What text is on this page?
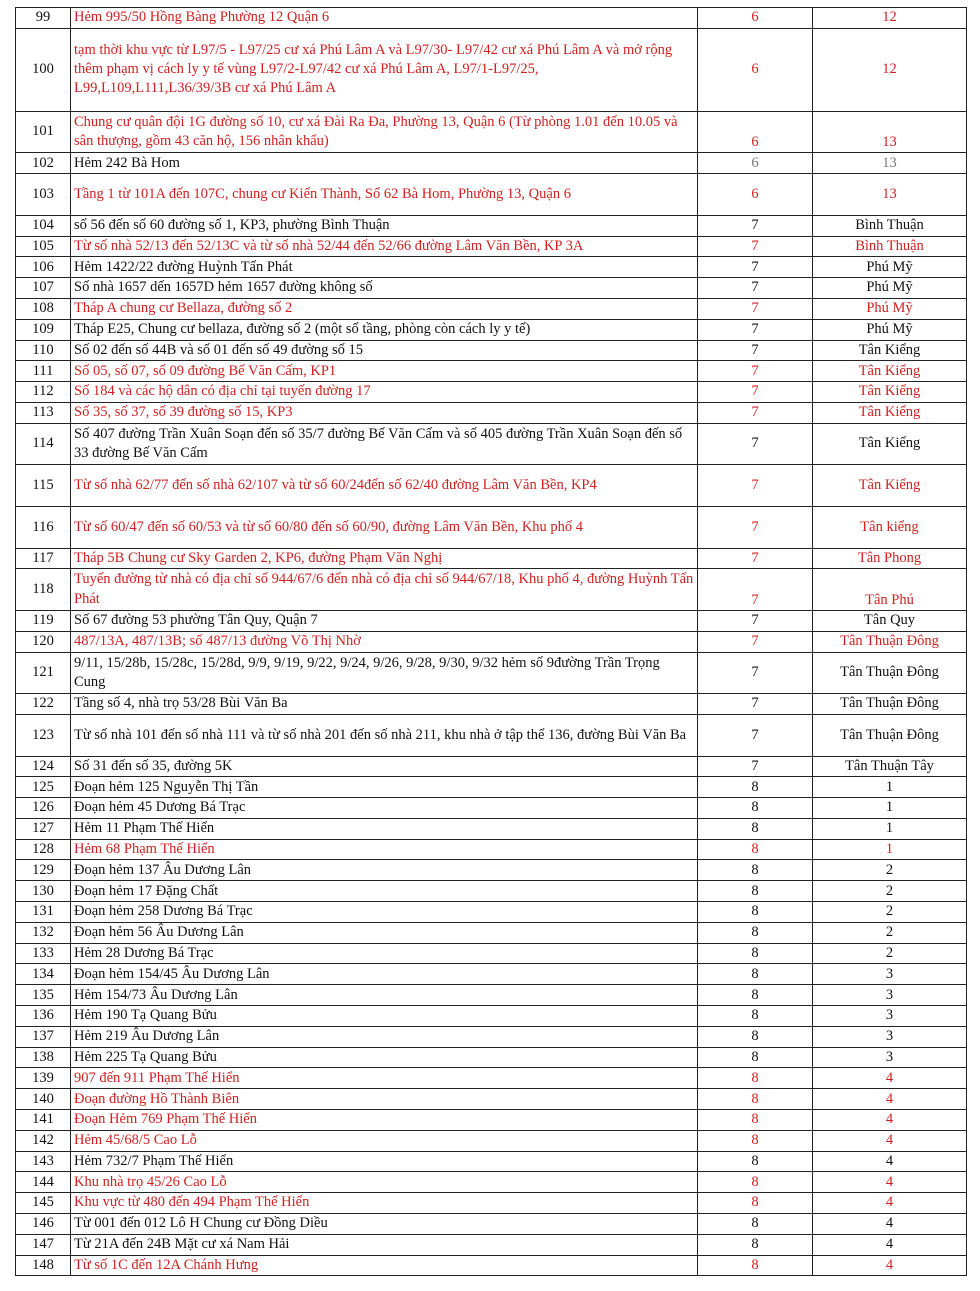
99	Hẻm 995/50 Hồng Bàng Phường 12 Quận 6	6	12
100	tạm thời khu vực từ L97/5 - L97/25 cư xá Phú Lâm A và L97/30- L97/42 cư xá Phú Lâm A và mở rộng thêm phạm vị cách ly y tế vùng L97/2-L97/42 cư xá Phú Lâm A, L97/1-L97/25, L99,L109,L111,L36/39/3B cư xá Phú Lâm A	6	12
101	Chung cư quân đội 1G đường số 10, cư xá Đài Ra Đa, Phường 13, Quận 6 (Từ phòng 1.01 đến 10.05 và sân thượng, gồm 43 căn hộ, 156 nhân khẩu)	6	13
102	Hẻm 242 Bà Hom	6	13
103	Tầng 1 từ 101A đến 107C, chung cư Kiến Thành, Số 62 Bà Hom, Phường 13, Quận 6	6	13
104	số 56 đến số 60 đường số 1, KP3, phường Bình Thuận	7	Bình Thuận
105	Từ số nhà 52/13 đến 52/13C và từ số nhà 52/44 đến 52/66 đường Lâm Văn Bền, KP 3A	7	Bình Thuận
106	Hẻm 1422/22 đường Huỳnh Tấn Phát	7	Phú Mỹ
107	Số nhà 1657 dến 1657D hẻm 1657 đường không số	7	Phú Mỹ
108	Tháp A chung cư Bellaza, đường số 2	7	Phú Mỹ
109	Tháp E25, Chung cư bellaza, đường số 2 (một số tầng, phòng còn cách ly y tế)	7	Phú Mỹ
110	Số 02 đến số 44B và số 01 đến số 49 đường số 15	7	Tân Kiểng
111	Số 05, số 07, số 09 đường Bế Văn Cấm, KP1	7	Tân Kiểng
112	Số 184 và các hộ dân có địa chỉ tại tuyến đường 17	7	Tân Kiểng
113	Số 35, số 37, số 39 đường số 15, KP3	7	Tân Kiểng
114	Số 407 đường Trần Xuân Soạn đến số 35/7 đường Bế Văn Cấm và số 405 đường Trần Xuân Soạn đến số 33 đường Bế Văn Cấm	7	Tân Kiểng
115	Từ số nhà 62/77 đến số nhà 62/107 và từ số 60/24đến số 62/40 đường Lâm Văn Bền, KP4	7	Tân Kiểng
116	Từ số 60/47 đến số 60/53 và từ số 60/80 đến số 60/90, đường Lâm Văn Bền, Khu phố 4	7	Tân kiểng
117	Tháp 5B Chung cư Sky Garden 2, KP6, đường Phạm Văn Nghị	7	Tân Phong
118	Tuyến đường từ nhà có địa chỉ số 944/67/6 đến nhà có địa chỉ số 944/67/18, Khu phố 4, đường Huỳnh Tấn Phát	7	Tân Phú
119	Số 67 đường 53 phường Tân Quy, Quận 7	7	Tân Quy
120	487/13A, 487/13B; số 487/13 đường Võ Thị Nhờ	7	Tân Thuận Đông
121	9/11, 15/28b, 15/28c, 15/28d, 9/9, 9/19, 9/22, 9/24, 9/26, 9/28, 9/30, 9/32 hẻm số 9đường Trần Trọng Cung	7	Tân Thuận Đông
122	Tầng số 4, nhà trọ 53/28 Bùi Văn Ba	7	Tân Thuận Đông
123	Từ số nhà 101 đến số nhà 111 và từ số nhà 201 đến số nhà 211, khu nhà ở tập thể 136, đường Bùi Văn Ba	7	Tân Thuận Đông
124	Số 31 đến số 35, đường 5K	7	Tân Thuận Tây
125	Đoạn hẻm 125 Nguyễn Thị Tần	8	1
126	Đoạn hẻm 45 Dương Bá Trạc	8	1
127	Hẻm 11 Phạm Thế Hiển	8	1
128	Hẻm 68 Phạm Thế Hiển	8	1
129	Đoạn hẻm 137 Âu Dương Lân	8	2
130	Đoạn hẻm 17 Đặng Chất	8	2
131	Đoạn hẻm 258 Dương Bá Trạc	8	2
132	Đoạn hẻm 56 Âu Dương Lân	8	2
133	Hẻm 28 Dương Bá Trạc	8	2
134	Đoạn hẻm 154/45 Âu Dương Lân	8	3
135	Hẻm 154/73 Âu Dương Lân	8	3
136	Hẻm 190 Tạ Quang Bửu	8	3
137	Hẻm 219 Âu Dương Lân	8	3
138	Hẻm 225 Tạ Quang Bửu	8	3
139	907 đến 911 Phạm Thế Hiển	8	4
140	Đoạn đường Hồ Thành Biên	8	4
141	Đoạn Hẻm 769 Phạm Thế Hiển	8	4
142	Hẻm 45/68/5 Cao Lỗ	8	4
143	Hẻm 732/7 Phạm Thế Hiển	8	4
144	Khu nhà trọ 45/26 Cao Lỗ	8	4
145	Khu vực từ 480 đến 494 Phạm Thế Hiển	8	4
146	Từ 001 đến 012 Lô H Chung cư Đồng Diều	8	4
147	Từ 21A đến 24B Mặt cư xá Nam Hải	8	4
148	Từ số 1C đến 12A Chánh Hưng	8	4
